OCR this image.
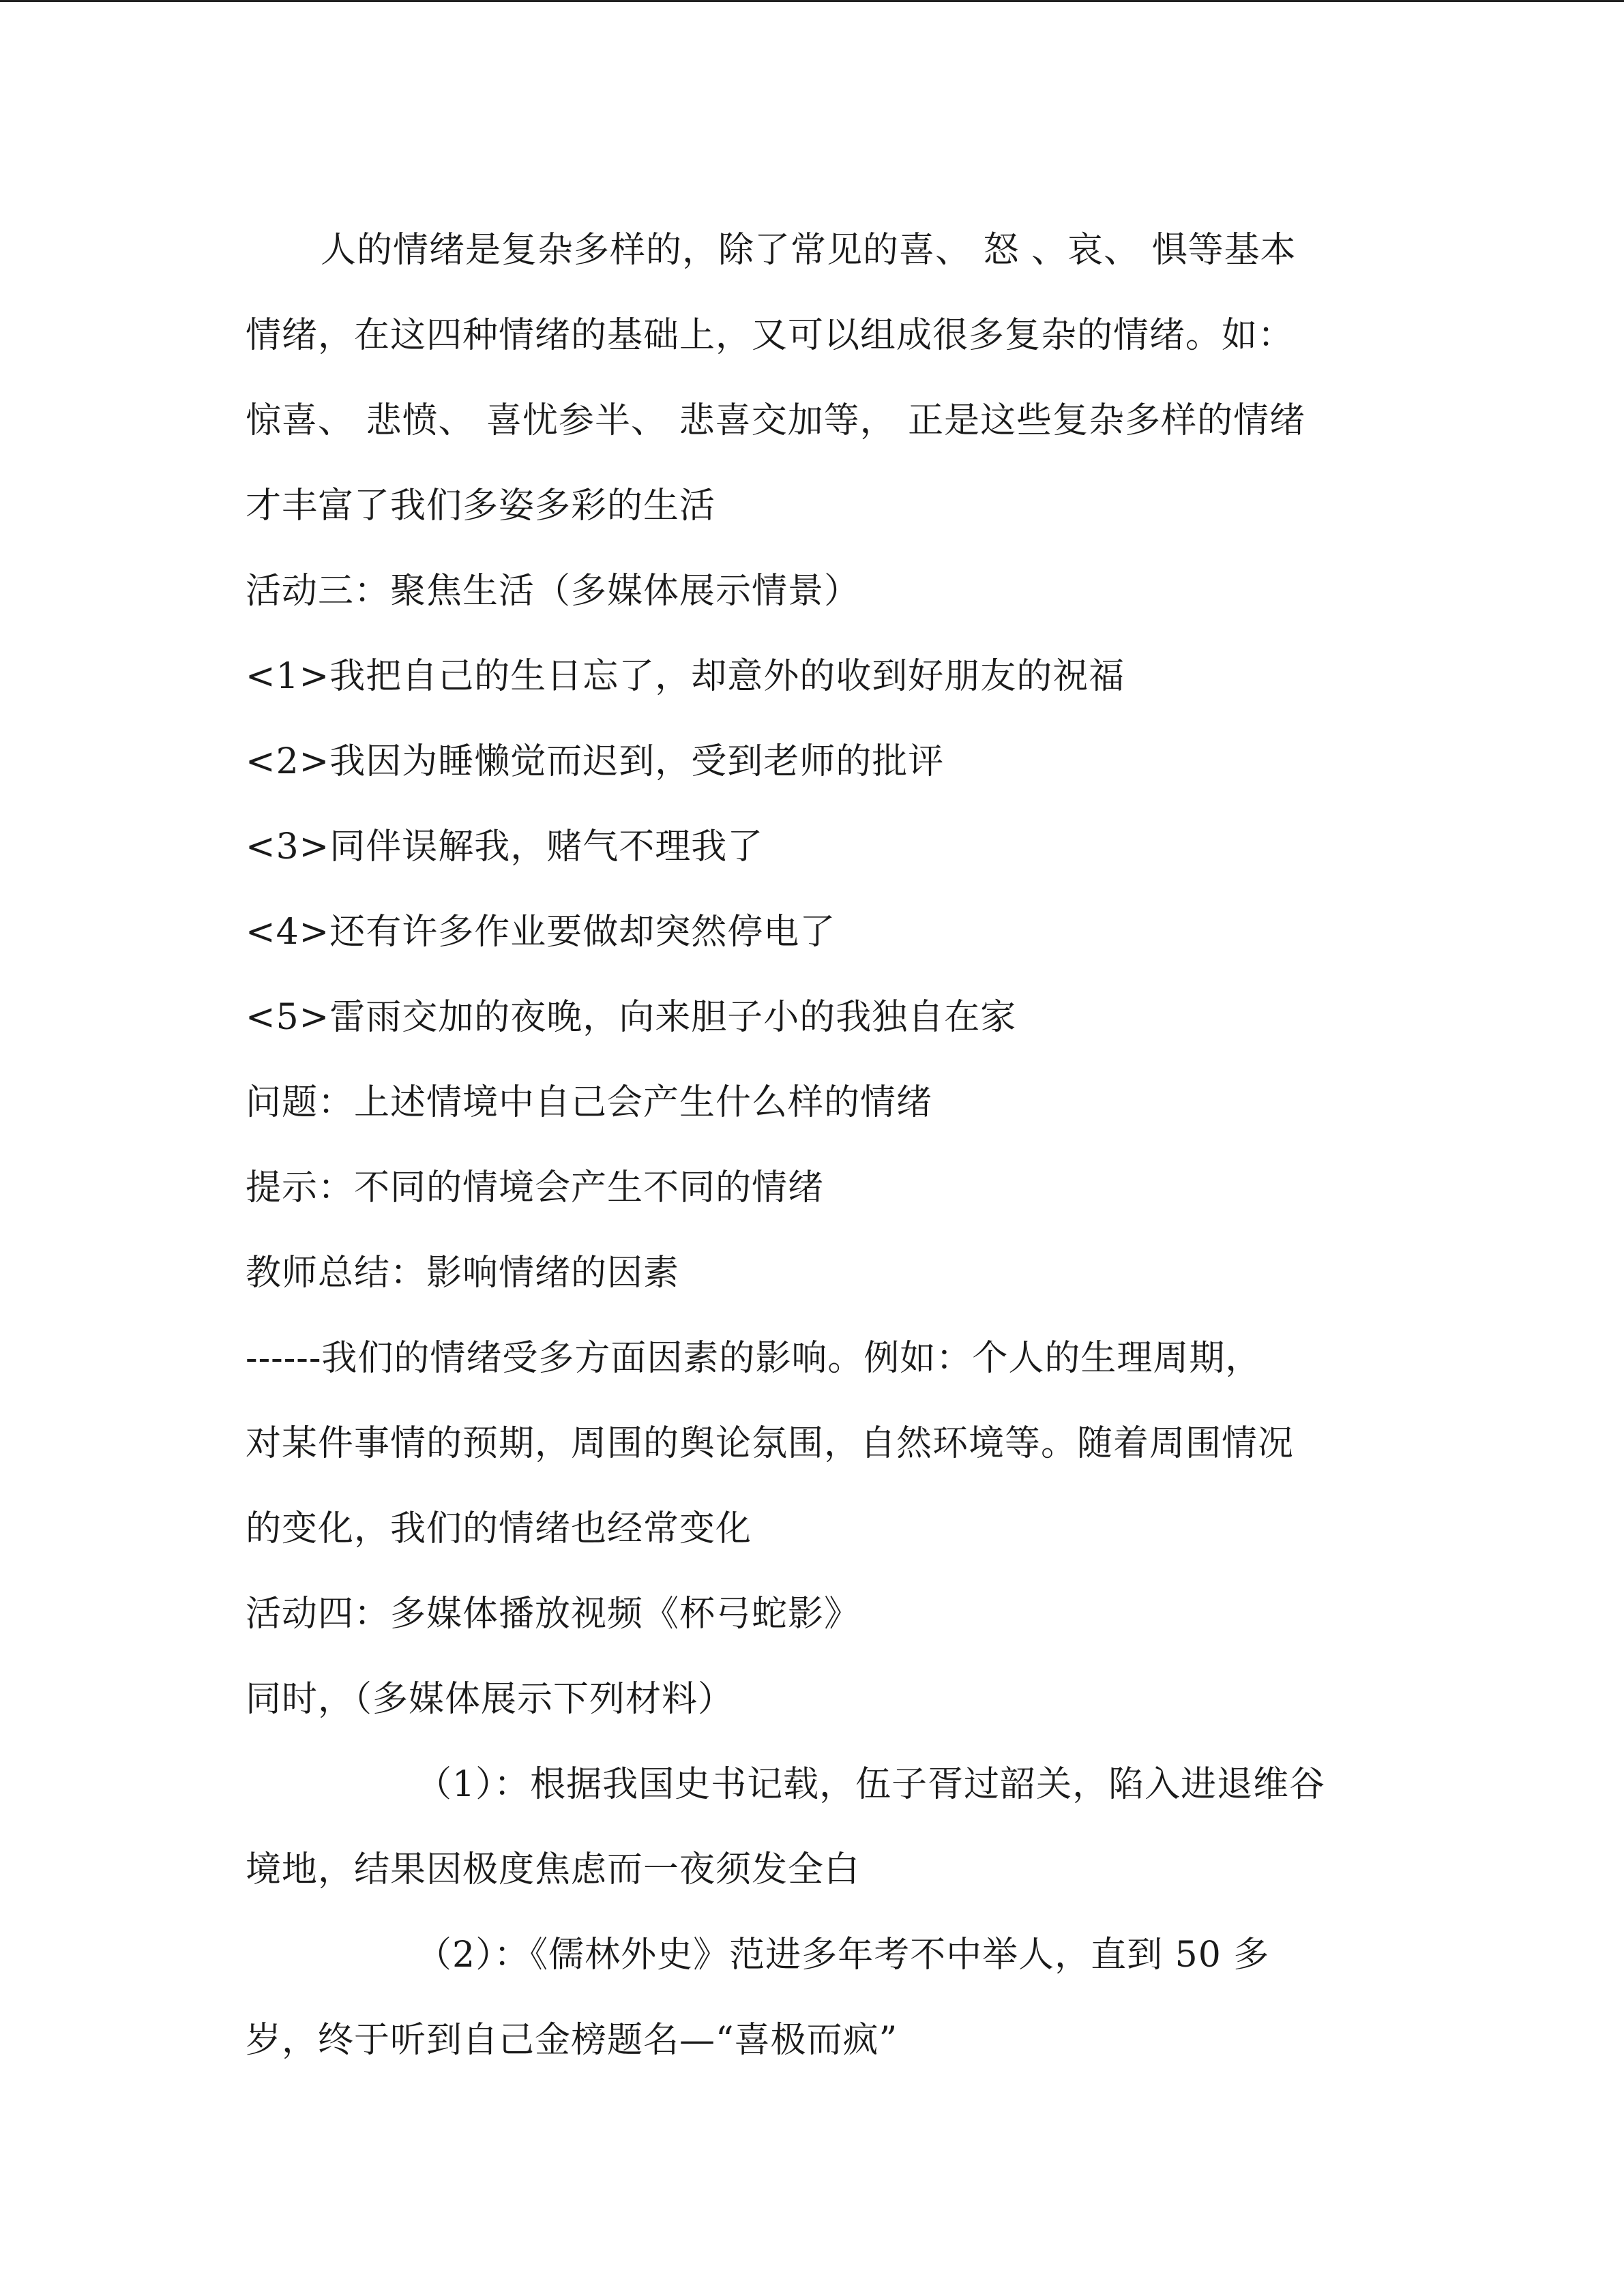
人的情绪是复杂多样的，除了常见的喜、 怒 、哀、 惧等基本
情绪，在这四种情绪的基础上，又可以组成很多复杂的情绪。如：
惊喜、 悲愤、 喜忧参半、 悲喜交加等， 正是这些复杂多样的情绪
才丰富了我们多姿多彩的生活
活动三：聚焦生活（多媒体展示情景）
<1>我把自己的生日忘了，却意外的收到好朋友的祝福
<2>我因为睡懒觉而迟到，受到老师的批评
<3>同伴误解我，赌气不理我了
<4>还有许多作业要做却突然停电了
<5>雷雨交加的夜晚，向来胆子小的我独自在家
问题：上述情境中自己会产生什么样的情绪
提示：不同的情境会产生不同的情绪
教师总结：影响情绪的因素
------我们的情绪受多方面因素的影响。例如：个人的生理周期，
对某件事情的预期，周围的舆论氛围，自然环境等。随着周围情况
的变化，我们的情绪也经常变化
活动四：多媒体播放视频《杯弓蛇影》
同时，（多媒体展示下列材料）
（1）：根据我国史书记载，伍子胥过韶关，陷入进退维谷
境地，结果因极度焦虑而一夜须发全白
（2）：《儒林外史》范进多年考不中举人，直到 50 多
岁，终于听到自己金榜题名—“喜极而疯”
